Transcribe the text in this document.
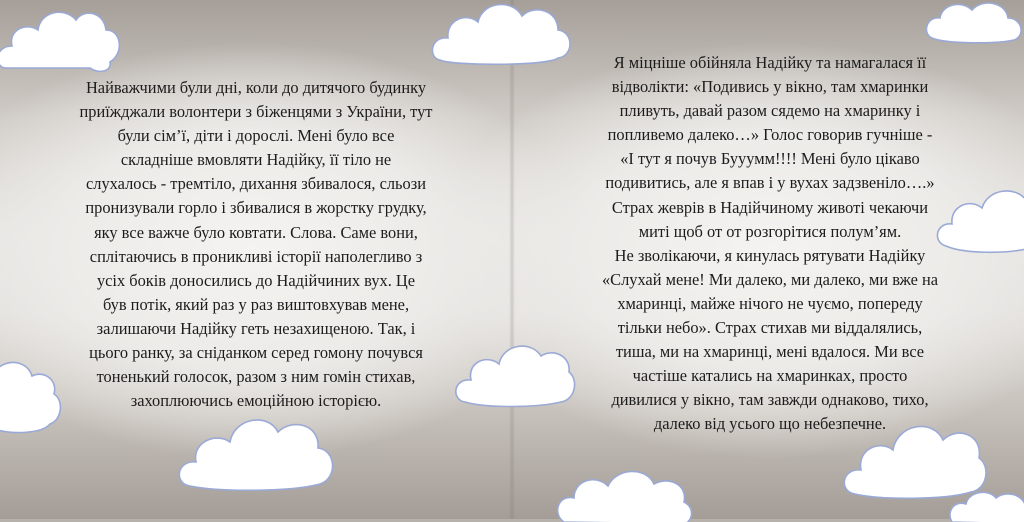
Найважчими були дні, коли до дитячого будинку
приїжджали волонтери з біженцями з України, тут
були сім’ї, діти і дорослі. Мені було все
складніше вмовляти Надійку, її тіло не
слухалось - тремтіло, дихання збивалося, сльози
пронизували горло і збивалися в жорстку грудку,
яку все важче було ковтати. Слова. Саме вони,
сплітаючись в проникливі історії наполегливо з
усіх боків доносились до Надійчиних вух. Це
був потік, який раз у раз виштовхував мене,
залишаючи Надійку геть незахищеною. Так, і
цього ранку, за сніданком серед гомону почувся
тоненький голосок, разом з ним гомін стихав,
захоплюючись емоційною історією.

Я міцніше обійняла Надійку та намагалася її
відволікти: «Подивись у вікно, там хмаринки
пливуть, давай разом сядемо на хмаринку і
попливемо далеко…» Голос говорив гучніше -
«І тут я почув Бууумм!!!! Мені було цікаво
подивитись, але я впав і у вухах задзвеніло….»
Страх жеврів в Надійчиному животі чекаючи
миті щоб от от розгорітися полум’ям.
Не зволікаючи, я кинулась рятувати Надійку
«Слухай мене! Ми далеко, ми далеко, ми вже на
хмаринці, майже нічого не чуємо, попереду
тільки небо». Страх стихав ми віддалялись,
тиша, ми на хмаринці, мені вдалося. Ми все
частіше катались на хмаринках, просто
дивилися у вікно, там завжди однаково, тихо,
далеко від усього що небезпечне.
